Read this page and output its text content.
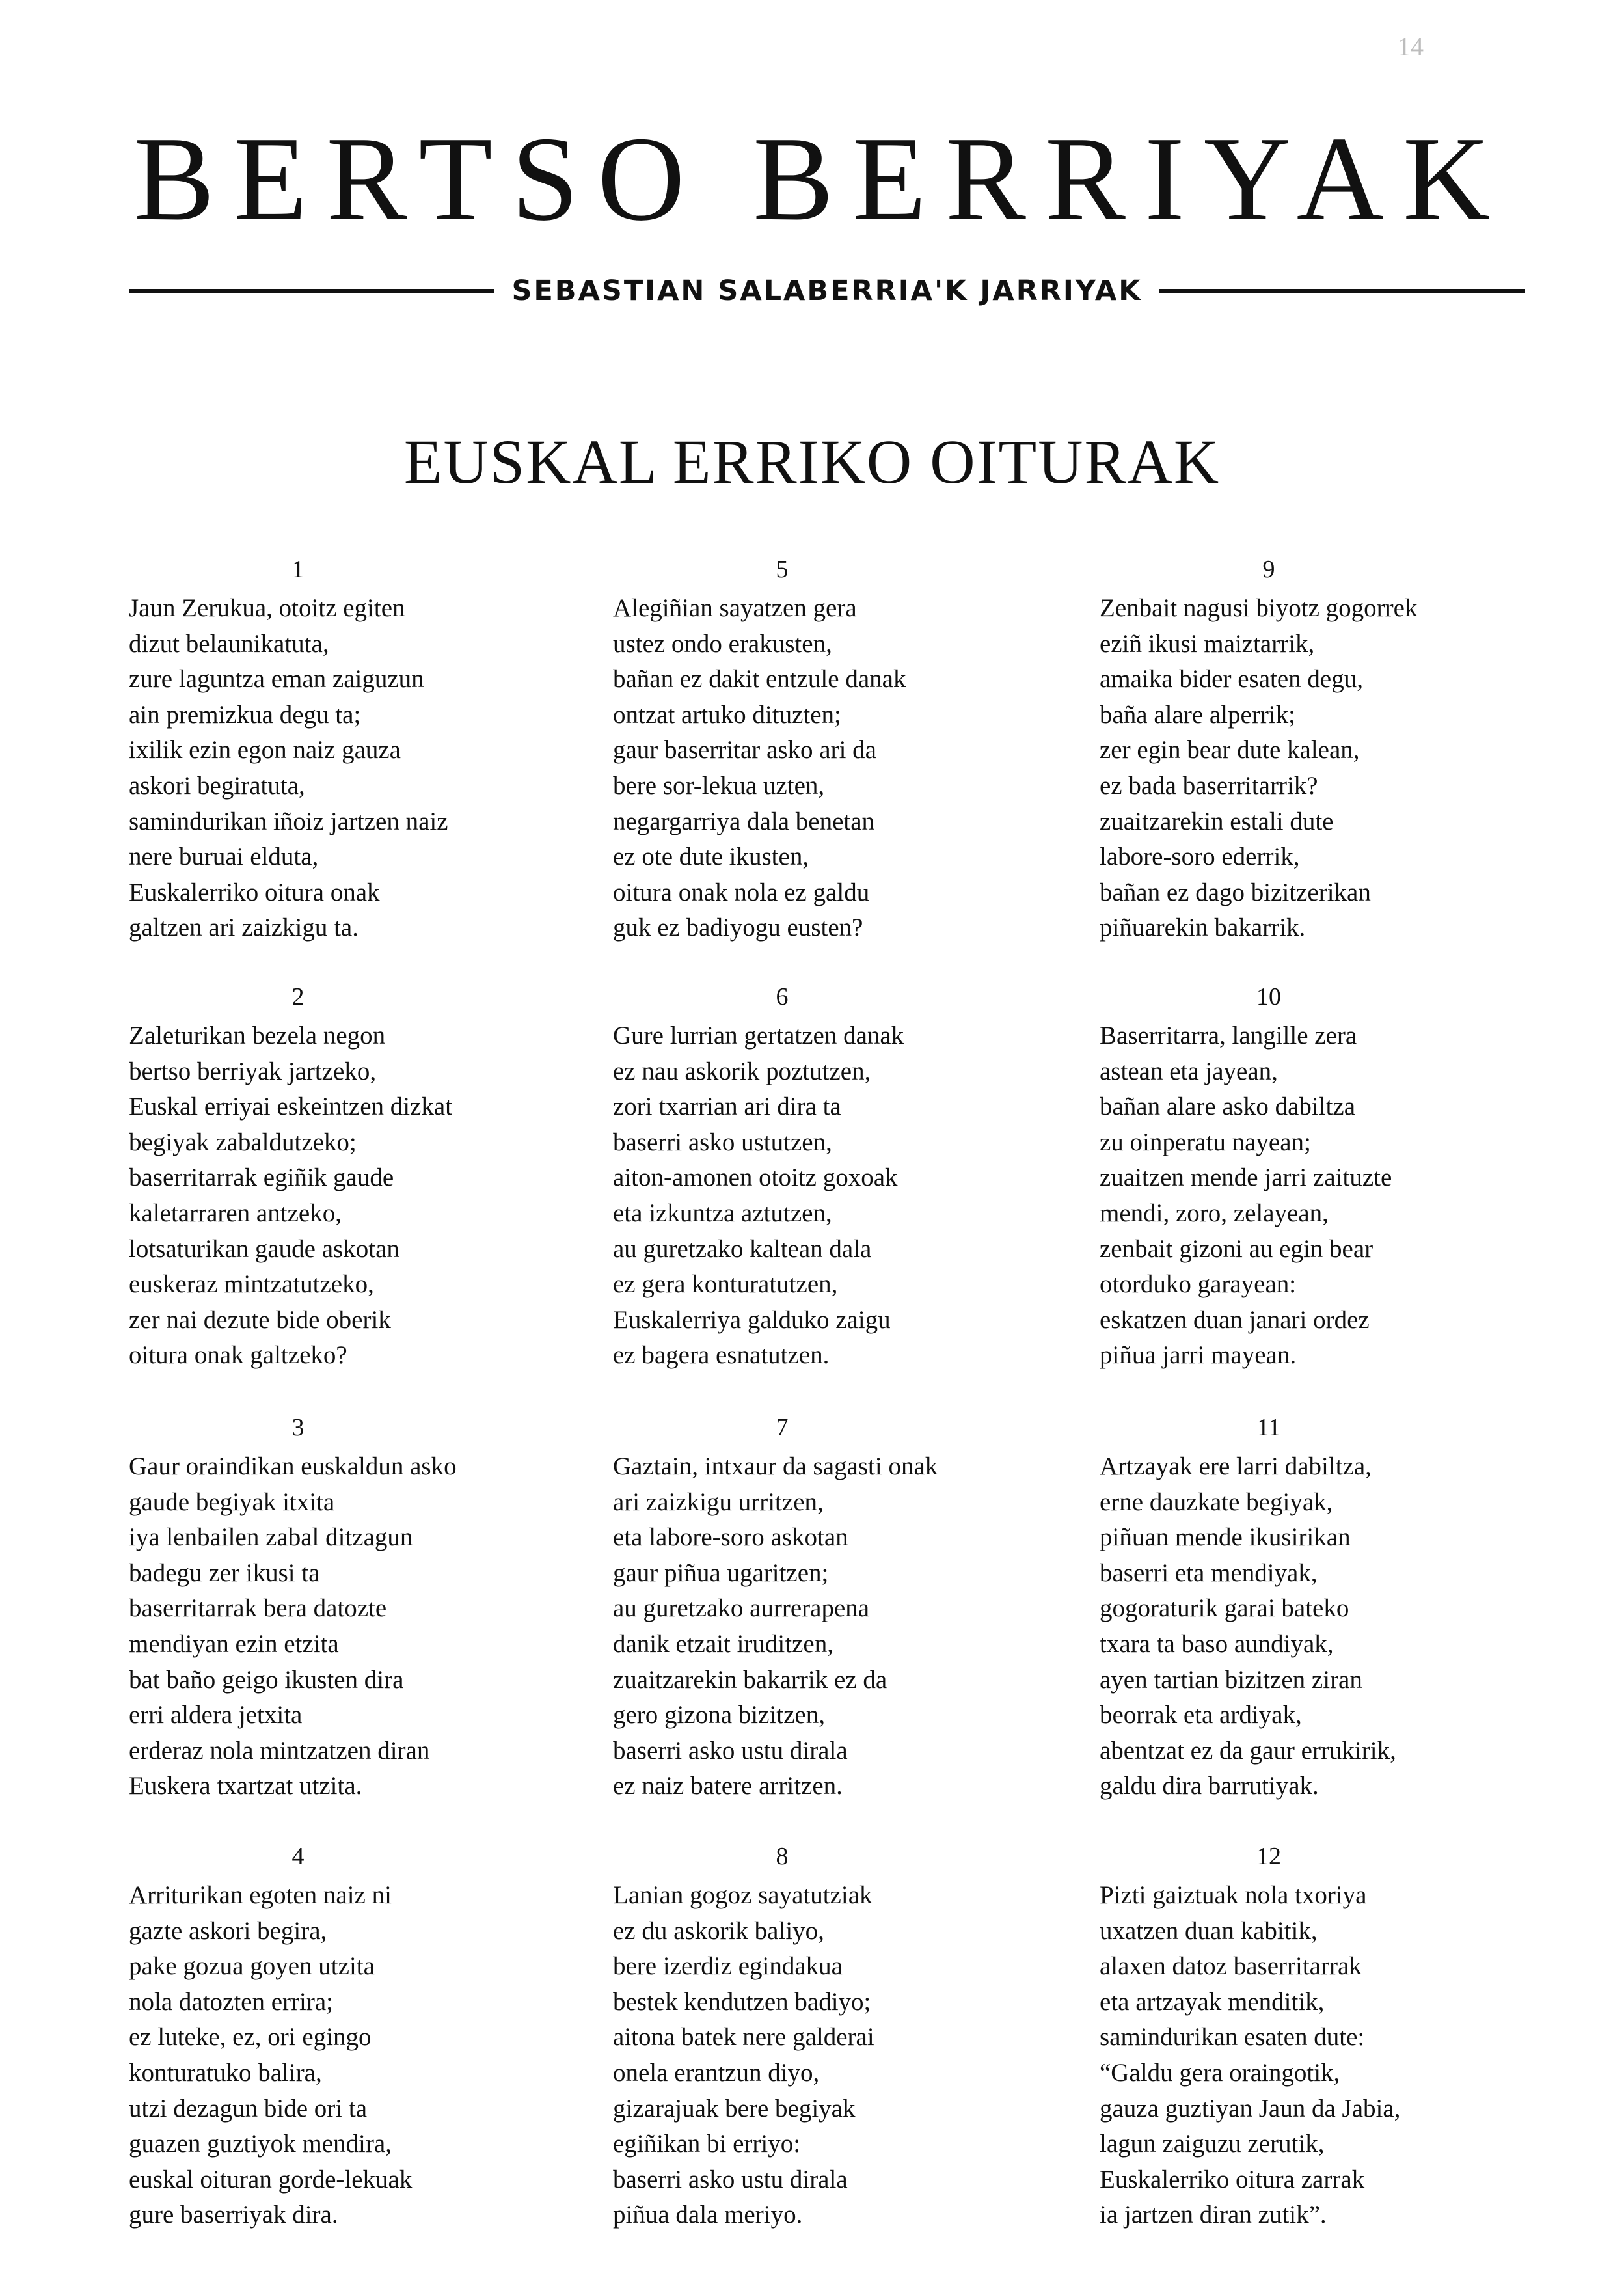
14
BERTSO BERRIYAK
SEBASTIAN SALABERRIA'K JARRIYAK
EUSKAL ERRIKO OITURAK
1
Jaun Zerukua, otoitz egiten
dizut belaunikatuta,
zure laguntza eman zaiguzun
ain premizkua degu ta;
ixilik ezin egon naiz gauza
askori begiratuta,
samindurikan iñoiz jartzen naiz
nere buruai elduta,
Euskalerriko oitura onak
galtzen ari zaizkigu ta.
2
Zaleturikan bezela negon
bertso berriyak jartzeko,
Euskal erriyai eskeintzen dizkat
begiyak zabaldutzeko;
baserritarrak egiñik gaude
kaletarraren antzeko,
lotsaturikan gaude askotan
euskeraz mintzatutzeko,
zer nai dezute bide oberik
oitura onak galtzeko?
3
Gaur oraindikan euskaldun asko
gaude begiyak itxita
iya lenbailen zabal ditzagun
badegu zer ikusi ta
baserritarrak bera datozte
mendiyan ezin etzita
bat baño geigo ikusten dira
erri aldera jetxita
erderaz nola mintzatzen diran
Euskera txartzat utzita.
4
Arriturikan egoten naiz ni
gazte askori begira,
pake gozua goyen utzita
nola datozten errira;
ez luteke, ez, ori egingo
konturatuko balira,
utzi dezagun bide ori ta
guazen guztiyok mendira,
euskal oituran gorde-lekuak
gure baserriyak dira.
5
Alegiñian sayatzen gera
ustez ondo erakusten,
bañan ez dakit entzule danak
ontzat artuko dituzten;
gaur baserritar asko ari da
bere sor-lekua uzten,
negargarriya dala benetan
ez ote dute ikusten,
oitura onak nola ez galdu
guk ez badiyogu eusten?
6
Gure lurrian gertatzen danak
ez nau askorik poztutzen,
zori txarrian ari dira ta
baserri asko ustutzen,
aiton-amonen otoitz goxoak
eta izkuntza aztutzen,
au guretzako kaltean dala
ez gera konturatutzen,
Euskalerriya galduko zaigu
ez bagera esnatutzen.
7
Gaztain, intxaur da sagasti onak
ari zaizkigu urritzen,
eta labore-soro askotan
gaur piñua ugaritzen;
au guretzako aurrerapena
danik etzait iruditzen,
zuaitzarekin bakarrik ez da
gero gizona bizitzen,
baserri asko ustu dirala
ez naiz batere arritzen.
8
Lanian gogoz sayatutziak
ez du askorik baliyo,
bere izerdiz egindakua
bestek kendutzen badiyo;
aitona batek nere galderai
onela erantzun diyo,
gizarajuak bere begiyak
egiñikan bi erriyo:
baserri asko ustu dirala
piñua dala meriyo.
9
Zenbait nagusi biyotz gogorrek
eziñ ikusi maiztarrik,
amaika bider esaten degu,
baña alare alperrik;
zer egin bear dute kalean,
ez bada baserritarrik?
zuaitzarekin estali dute
labore-soro ederrik,
bañan ez dago bizitzerikan
piñuarekin bakarrik.
10
Baserritarra, langille zera
astean eta jayean,
bañan alare asko dabiltza
zu oinperatu nayean;
zuaitzen mende jarri zaituzte
mendi, zoro, zelayean,
zenbait gizoni au egin bear
otorduko garayean:
eskatzen duan janari ordez
piñua jarri mayean.
11
Artzayak ere larri dabiltza,
erne dauzkate begiyak,
piñuan mende ikusirikan
baserri eta mendiyak,
gogoraturik garai bateko
txara ta baso aundiyak,
ayen tartian bizitzen ziran
beorrak eta ardiyak,
abentzat ez da gaur errukirik,
galdu dira barrutiyak.
12
Pizti gaiztuak nola txoriya
uxatzen duan kabitik,
alaxen datoz baserritarrak
eta artzayak menditik,
samindurikan esaten dute:
“Galdu gera oraingotik,
gauza guztiyan Jaun da Jabia,
lagun zaiguzu zerutik,
Euskalerriko oitura zarrak
ia jartzen diran zutik”.
